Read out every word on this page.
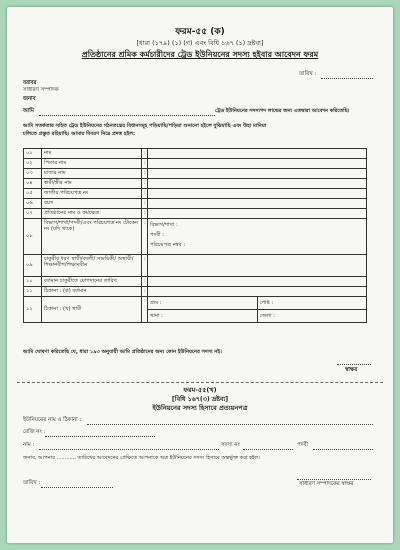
ফরম-৫৫ (ক)
[ধারা (১৭৯) (১) (গ) এবং বিধি ১৬৭ (১) দ্রষ্টব্য]
প্রতিষ্ঠানের শ্রমিক কর্মচারীদের ট্রেড ইউনিয়নের সদস্য হইবার আবেদন ফরম
তারিখ :
বরাবর
সাধারণ সম্পাদক
জনাব
আমি	ট্রেড ইউনিয়নের সদস্যপদ লাভের জন্য এতদ্বারা আবেদন করিতেছি।
আমি সতর্কতার সহিত ট্রেড ইউনিয়নের গঠনতন্ত্রের বিধানসমূহ পড়িয়াছি/পড়িয়া শুনানো হইলে বুঝিয়াছি এবং উহা মানিয়া
চলিতে প্রস্তুত রহিয়াছি। আমার বিবরণ নিম্নে প্রদত্ত হইল:
০১	নাম	:	
০২	পিতার নাম	:	
০৩	মাতার নাম	:	
০৪	স্বামী/স্ত্রীর নাম	:	
০৫	জাতীয় পরিচয়পত্র নং	:	
০৬	বয়স	:	
০৭	প্রতিষ্ঠানের নাম ও কর্মক্ষেত্র	:	
০৮	বিভাগ/শাখা/পদবী/এবং পরিচয়পত্র নং টোকেন নং (যদি থাকে)	:	বিভাগ/শাখা :
পদবী :
পরিচয়পত্র নম্বর :

০৯	চাকুরীর ধরণ স্থায়ী/বদলী/ সাময়িকী/ অস্থায়ী/শিক্ষানবীশ/শিক্ষানবীন	:	
১০	বর্তমান চাকুরীতে যোগদানের তারিখ	:	
১১	ঠিকানা : (ক) বর্তমান	:	
১২	ঠিকানা : (খ) স্থায়ী	:	গ্রাম : পোষ্ট :
থানা : জেলা :
আমি ঘোষণা করিতেছি যে, ধারা ১৯৩ অনুযায়ী আমি প্রতিষ্ঠানের অন্য কোন ইউনিয়নের সদস্য নই।
স্বাক্ষর
ফরম-৫৫(খ)
[বিধি ১৬৭(৩) দ্রষ্টব্য]
ইউনিয়নের সদস্য হিসাবে প্রত্যয়নপত্র
ইউনিয়নের নাম ও ঠিকানা :
রেজি নং :
নাম :	সদস্য নং	পদবী
জনাব, আপনার ............ তারিখের আবেদনের প্রেক্ষিতে আপনাকে অত্র ইউনিয়নের সদস্য হিসাবে অন্তর্ভুক্ত করা হইল।
তারিখ :	সাধারণ সম্পাদকের স্বাক্ষর
